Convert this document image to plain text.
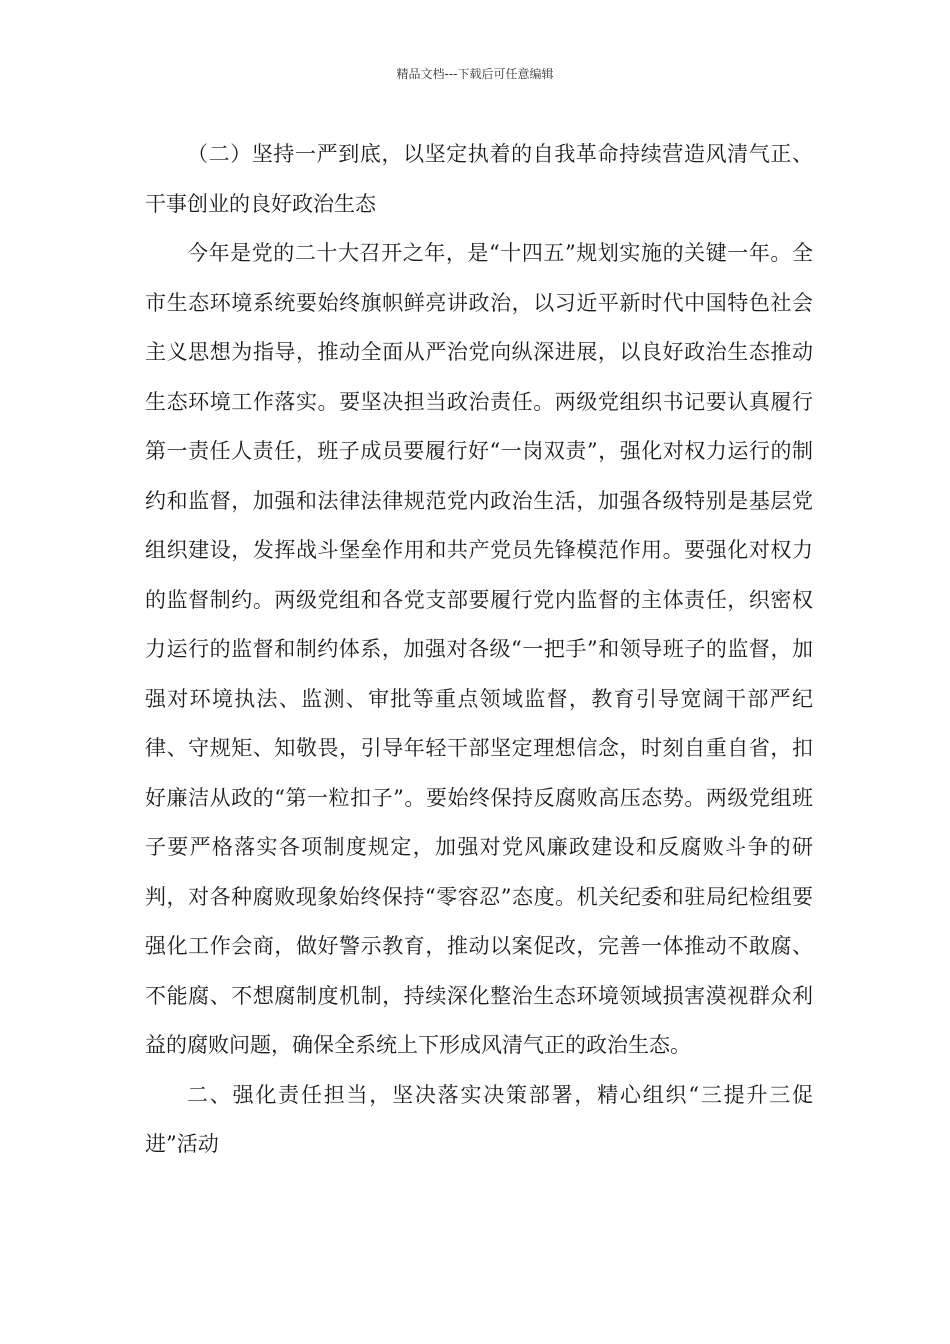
精品文档---下载后可任意编辑

（二）坚持一严到底，以坚定执着的自我革命持续营造风清气正、干事创业的良好政治生态

今年是党的二十大召开之年，是“十四五”规划实施的关键一年。全市生态环境系统要始终旗帜鲜亮讲政治，以习近平新时代中国特色社会主义思想为指导，推动全面从严治党向纵深进展，以良好政治生态推动生态环境工作落实。要坚决担当政治责任。两级党组织书记要认真履行第一责任人责任，班子成员要履行好“一岗双责”，强化对权力运行的制约和监督，加强和法律法律规范党内政治生活，加强各级特别是基层党组织建设，发挥战斗堡垒作用和共产党员先锋模范作用。要强化对权力的监督制约。两级党组和各党支部要履行党内监督的主体责任，织密权力运行的监督和制约体系，加强对各级“一把手”和领导班子的监督，加强对环境执法、监测、审批等重点领域监督，教育引导宽阔干部严纪律、守规矩、知敬畏，引导年轻干部坚定理想信念，时刻自重自省，扣好廉洁从政的“第一粒扣子”。要始终保持反腐败高压态势。两级党组班子要严格落实各项制度规定，加强对党风廉政建设和反腐败斗争的研判，对各种腐败现象始终保持“零容忍”态度。机关纪委和驻局纪检组要强化工作会商，做好警示教育，推动以案促改，完善一体推动不敢腐、不能腐、不想腐制度机制，持续深化整治生态环境领域损害漠视群众利益的腐败问题，确保全系统上下形成风清气正的政治生态。

二、强化责任担当，坚决落实决策部署，精心组织“三提升三促进”活动
